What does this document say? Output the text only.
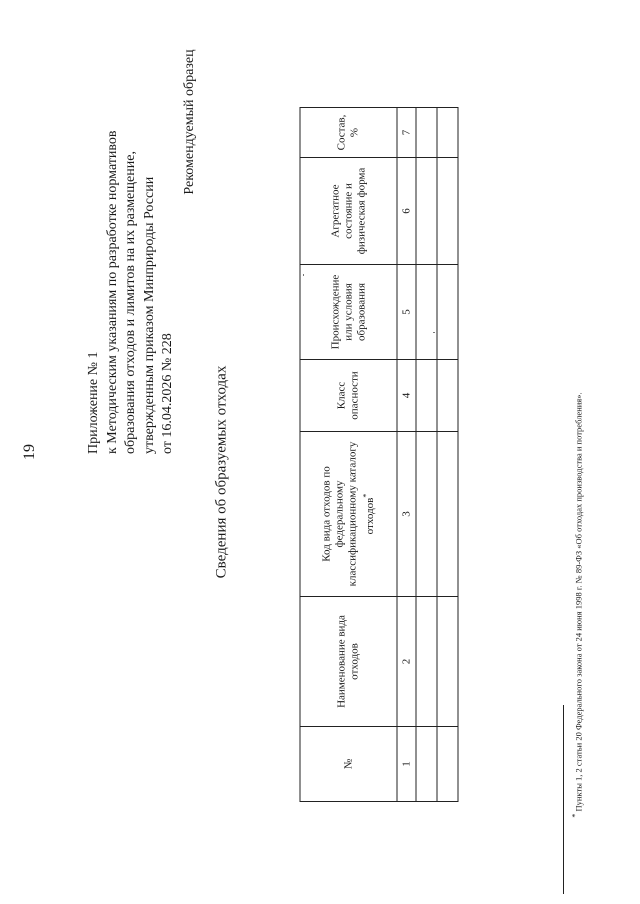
19	Приложение № 1 к Методическим указаниям по разработке нормативов образования отходов и лимитов на их размещение, утвержденным приказом Минприроды России от 16.04.2026 № 228
Рекомендуемый образец
Сведения об образуемых отходах
№	Наименование вида отходов	Код вида отходов по федеральному классификационному каталогу отходов*	Класс опасности	Происхождение или условия образования	Агрегатное состояние и физическая форма	Состав, %
1	2	3	4	5	6	7

* Пункты 1, 2 статьи 20 Федерального закона от 24 июня 1998 г. № 89-ФЗ «Об отходах производства и потребления».
